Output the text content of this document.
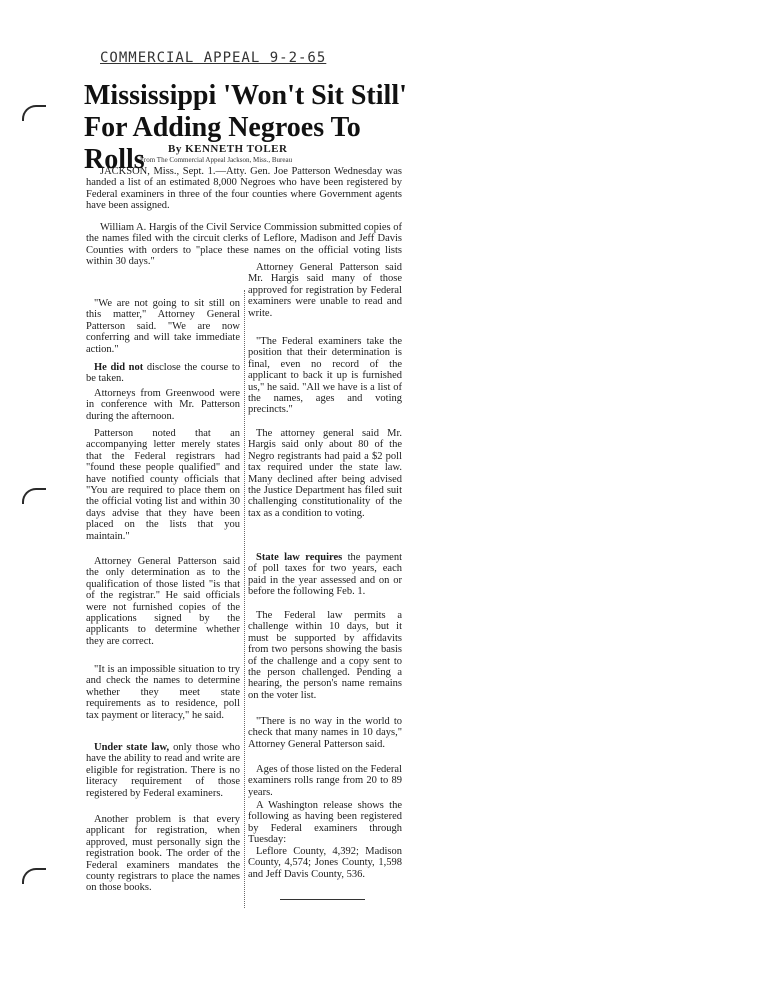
COMMERCIAL APPEAL 9-2-65
Mississippi 'Won't Sit Still' For Adding Negroes To Rolls	By KENNETH TOLER
From The Commercial Appeal Jackson, Miss., Bureau

JACKSON, Miss., Sept. 1.—Atty. Gen. Joe Patterson Wednesday was handed a list of an estimated 8,000 Negroes who have been registered by Federal examiners in three of the four counties where Government agents have been assigned.

William A. Hargis of the Civil Service Commission submitted copies of the names filed with the circuit clerks of Leflore, Madison and Jeff Davis Counties with orders to "place these names on the official voting lists within 30 days."

"We are not going to sit still on this matter," Attorney General Patterson said. "We are now conferring and will take immediate action."

He did not disclose the course to be taken.

Attorneys from Greenwood were in conference with Mr. Patterson during the afternoon.

Patterson noted that an accompanying letter merely states that the Federal registrars had "found these people qualified" and have notified county officials that "You are required to place them on the official voting list and within 30 days advise that they have been placed on the lists that you maintain."

Attorney General Patterson said the only determination as to the qualification of those listed "is that of the registrar." He said officials were not furnished copies of the applications signed by the applicants to determine whether they are correct.

"It is an impossible situation to try and check the names to determine whether they meet state requirements as to residence, poll tax payment or literacy," he said.

Under state law, only those who have the ability to read and write are eligible for registration. There is no literacy requirement of those registered by Federal examiners.

Another problem is that every applicant for registration, when approved, must personally sign the registration book. The order of the Federal examiners mandates the county registrars to place the names on those books.

Attorney General Patterson said Mr. Hargis said many of those approved for registration by Federal examiners were unable to read and write.

"The Federal examiners take the position that their determination is final, even no record of the applicant to back it up is furnished us," he said. "All we have is a list of the names, ages and voting precincts."

The attorney general said Mr. Hargis said only about 80 of the Negro registrants had paid a $2 poll tax required under the state law. Many declined after being advised the Justice Department has filed suit challenging constitutionality of the tax as a condition to voting.

State law requires the payment of poll taxes for two years, each paid in the year assessed and on or before the following Feb. 1.

The Federal law permits a challenge within 10 days, but it must be supported by affidavits from two persons showing the basis of the challenge and a copy sent to the person challenged. Pending a hearing, the person's name remains on the voter list.

"There is no way in the world to check that many names in 10 days," Attorney General Patterson said.

Ages of those listed on the Federal examiners rolls range from 20 to 89 years.

A Washington release shows the following as having been registered by Federal examiners through Tuesday:

Leflore County, 4,392; Madison County, 4,574; Jones County, 1,598 and Jeff Davis County, 536.
